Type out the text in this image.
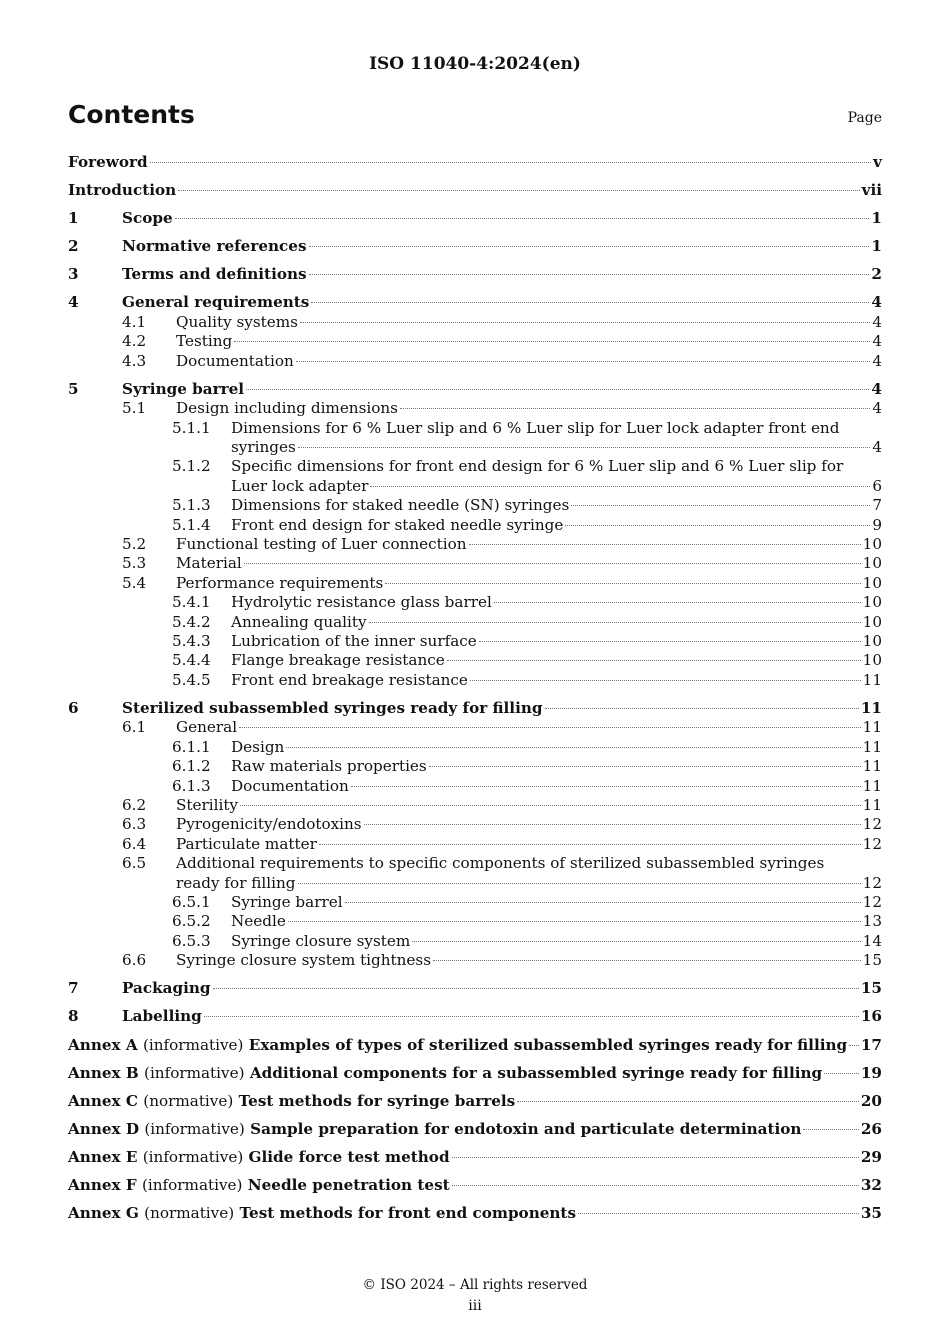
ISO 11040-4:2024(en)
Contents	Page
Foreword	v
Introduction	vii
1	Scope	1
2	Normative references	1
3	Terms and definitions	2
4	General requirements	4
4.1 Quality systems	4
4.2 Testing	4
4.3 Documentation	4
5	Syringe barrel	4
5.1 Design including dimensions	4
5.1.1	Dimensions for 6 % Luer slip and 6 % Luer slip for Luer lock adapter front end
syringes	4
5.1.2	Specific dimensions for front end design for 6 % Luer slip and 6 % Luer slip for
Luer lock adapter	6
5.1.3 Dimensions for staked needle (SN) syringes	7
5.1.4 Front end design for staked needle syringe	9
5.2 Functional testing of Luer connection	10
5.3 Material	10
5.4 Performance requirements	10
5.4.1 Hydrolytic resistance glass barrel	10
5.4.2 Annealing quality	10
5.4.3 Lubrication of the inner surface	10
5.4.4 Flange breakage resistance	10
5.4.5 Front end breakage resistance	11
6	Sterilized subassembled syringes ready for filling	11
6.1 General	11
6.1.1 Design	11
6.1.2 Raw materials properties	11
6.1.3 Documentation	11
6.2 Sterility	11
6.3 Pyrogenicity/endotoxins	12
6.4 Particulate matter	12
6.5	Additional requirements to specific components of sterilized subassembled syringes
ready for filling	12
6.5.1 Syringe barrel	12
6.5.2 Needle	13
6.5.3 Syringe closure system	14
6.6 Syringe closure system tightness	15
7	Packaging	15
8	Labelling	16
Annex A (informative) Examples of types of sterilized subassembled syringes ready for filling 17
Annex B (informative) Additional components for a subassembled syringe ready for filling	19
Annex C (normative) Test methods for syringe barrels	20
Annex D (informative) Sample preparation for endotoxin and particulate determination	26
Annex E (informative) Glide force test method	29
Annex F (informative) Needle penetration test	32
Annex G (normative) Test methods for front end components	35
© ISO 2024 – All rights reserved
iii
